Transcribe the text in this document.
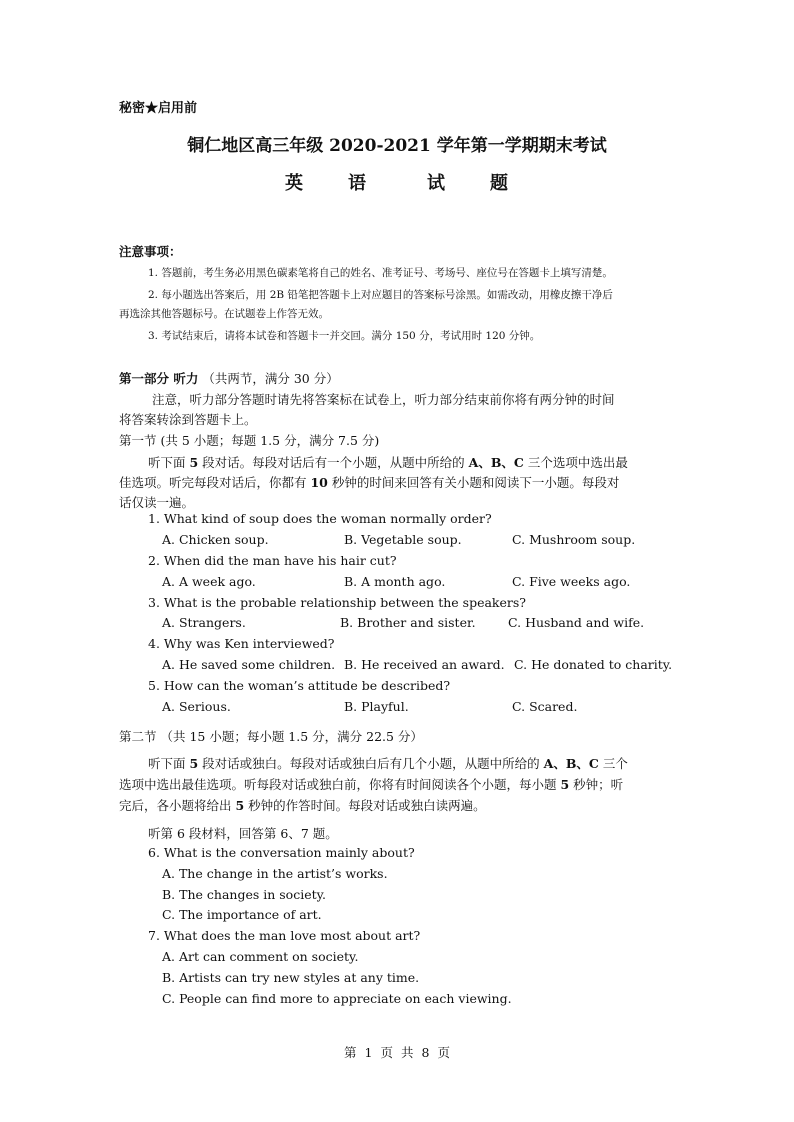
秘密★启用前
铜仁地区高三年级 2020-2021 学年第一学期期末考试
英 语	试 题
注意事项：
1. 答题前，考生务必用黑色碳素笔将自己的姓名、准考证号、考场号、座位号在答题卡上填写清楚。
2. 每小题选出答案后，用 2B 铅笔把答题卡上对应题目的答案标号涂黑。如需改动，用橡皮擦干净后
再选涂其他答题标号。在试题卷上作答无效。
3. 考试结束后，请将本试卷和答题卡一并交回。满分 150 分，考试用时 120 分钟。
第一部分 听力 （共两节，满分 30 分）
注意，听力部分答题时请先将答案标在试卷上，听力部分结束前你将有两分钟的时间
将答案转涂到答题卡上。
第一节 (共 5 小题；每题 1.5 分，满分 7.5 分)
听下面 5 段对话。每段对话后有一个小题，从题中所给的 A、B、C 三个选项中选出最
佳选项。听完每段对话后，你都有 10 秒钟的时间来回答有关小题和阅读下一小题。每段对
话仅读一遍。
1. What kind of soup does the woman normally order?
A. Chicken soup.	B. Vegetable soup.	C. Mushroom soup.
2. When did the man have his hair cut?
A. A week ago.	B. A month ago.	C. Five weeks ago.
3. What is the probable relationship between the speakers?
A. Strangers.	B. Brother and sister.	C. Husband and wife.
4. Why was Ken interviewed?
A. He saved some children. B. He received an award. C. He donated to charity.
5. How can the woman’s attitude be described?
A. Serious.	B. Playful.	C. Scared.
第二节 （共 15 小题；每小题 1.5 分，满分 22.5 分）
听下面 5 段对话或独白。每段对话或独白后有几个小题，从题中所给的 A、B、C 三个
选项中选出最佳选项。听每段对话或独白前，你将有时间阅读各个小题，每小题 5 秒钟；听
完后，各小题将给出 5 秒钟的作答时间。每段对话或独白读两遍。
听第 6 段材料，回答第 6、7 题。
6. What is the conversation mainly about?
A. The change in the artist’s works.
B. The changes in society.
C. The importance of art.
7. What does the man love most about art?
A. Art can comment on society.
B. Artists can try new styles at any time.
C. People can find more to appreciate on each viewing.
第 1 页 共 8 页
